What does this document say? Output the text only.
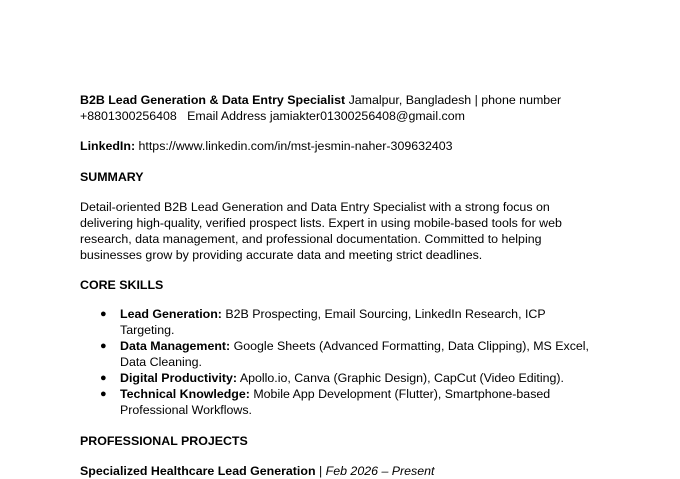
B2B Lead Generation & Data Entry Specialist Jamalpur, Bangladesh | phone number
+8801300256408 Email Address jamiakter01300256408@gmail.com

LinkedIn: https://www.linkedin.com/in/mst-jesmin-naher-309632403

SUMMARY

Detail-oriented B2B Lead Generation and Data Entry Specialist with a strong focus on delivering high-quality, verified prospect lists. Expert in using mobile-based tools for web research, data management, and professional documentation. Committed to helping businesses grow by providing accurate data and meeting strict deadlines.

CORE SKILLS

● Lead Generation: B2B Prospecting, Email Sourcing, LinkedIn Research, ICP Targeting.
● Data Management: Google Sheets (Advanced Formatting, Data Clipping), MS Excel, Data Cleaning.
● Digital Productivity: Apollo.io, Canva (Graphic Design), CapCut (Video Editing).
● Technical Knowledge: Mobile App Development (Flutter), Smartphone-based Professional Workflows.

PROFESSIONAL PROJECTS

Specialized Healthcare Lead Generation | Feb 2026 – Present
